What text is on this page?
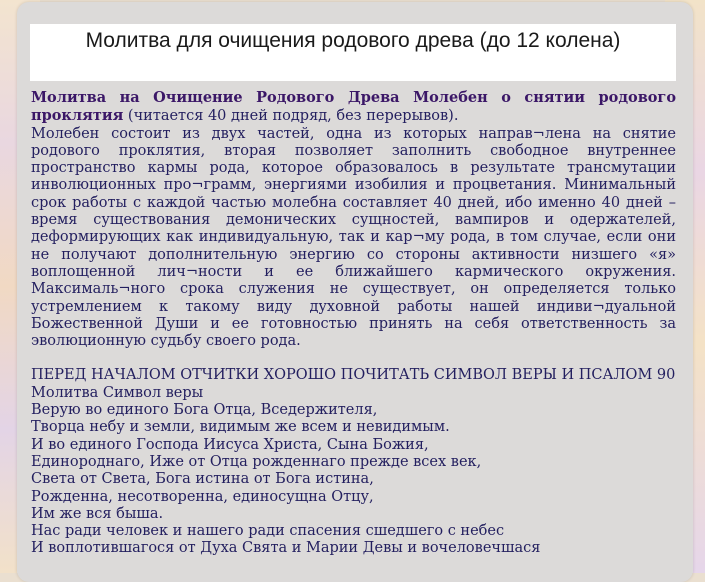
Молитва для очищения родового древа (до 12 колена)

Молитва на Очищение Родового Древа Молебен о снятии родового проклятия (читается 40 дней подряд, без перерывов).

Молебен состоит из двух частей, одна из которых направ¬лена на снятие родового проклятия, вторая позволяет заполнить свободное внутреннее пространство кармы рода, которое образовалось в результате трансмутации инволюционных про¬грамм, энергиями изобилия и процветания. Минимальный срок работы с каждой частью молебна составляет 40 дней, ибо именно 40 дней – время существования демонических сущностей, вампиров и одержателей, деформирующих как индивидуальную, так и кар¬му рода, в том случае, если они не получают дополнительную энергию со стороны активности низшего «я» воплощенной лич¬ности и ее ближайшего кармического окружения. Максималь¬ного срока служения не существует, он определяется только устремлением к такому виду духовной работы нашей индиви¬дуальной Божественной Души и ее готовностью принять на себя ответственность за эволюционную судьбу своего рода.

ПЕРЕД НАЧАЛОМ ОТЧИТКИ ХОРОШО ПОЧИТАТЬ СИМВОЛ ВЕРЫ И ПСАЛОМ 90
Молитва Символ веры
Верую во единого Бога Отца, Вседержителя,
Творца небу и земли, видимым же всем и невидимым.
И во единого Господа Иисуса Христа, Сына Божия,
Единороднаго, Иже от Отца рожденнаго прежде всех век,
Света от Света, Бога истина от Бога истина,
Рожденна, несотворенна, единосущна Отцу,
Им же вся быша.
Нас ради человек и нашего ради спасения сшедшего с небес
И воплотившагося от Духа Свята и Марии Девы и вочеловечшася
